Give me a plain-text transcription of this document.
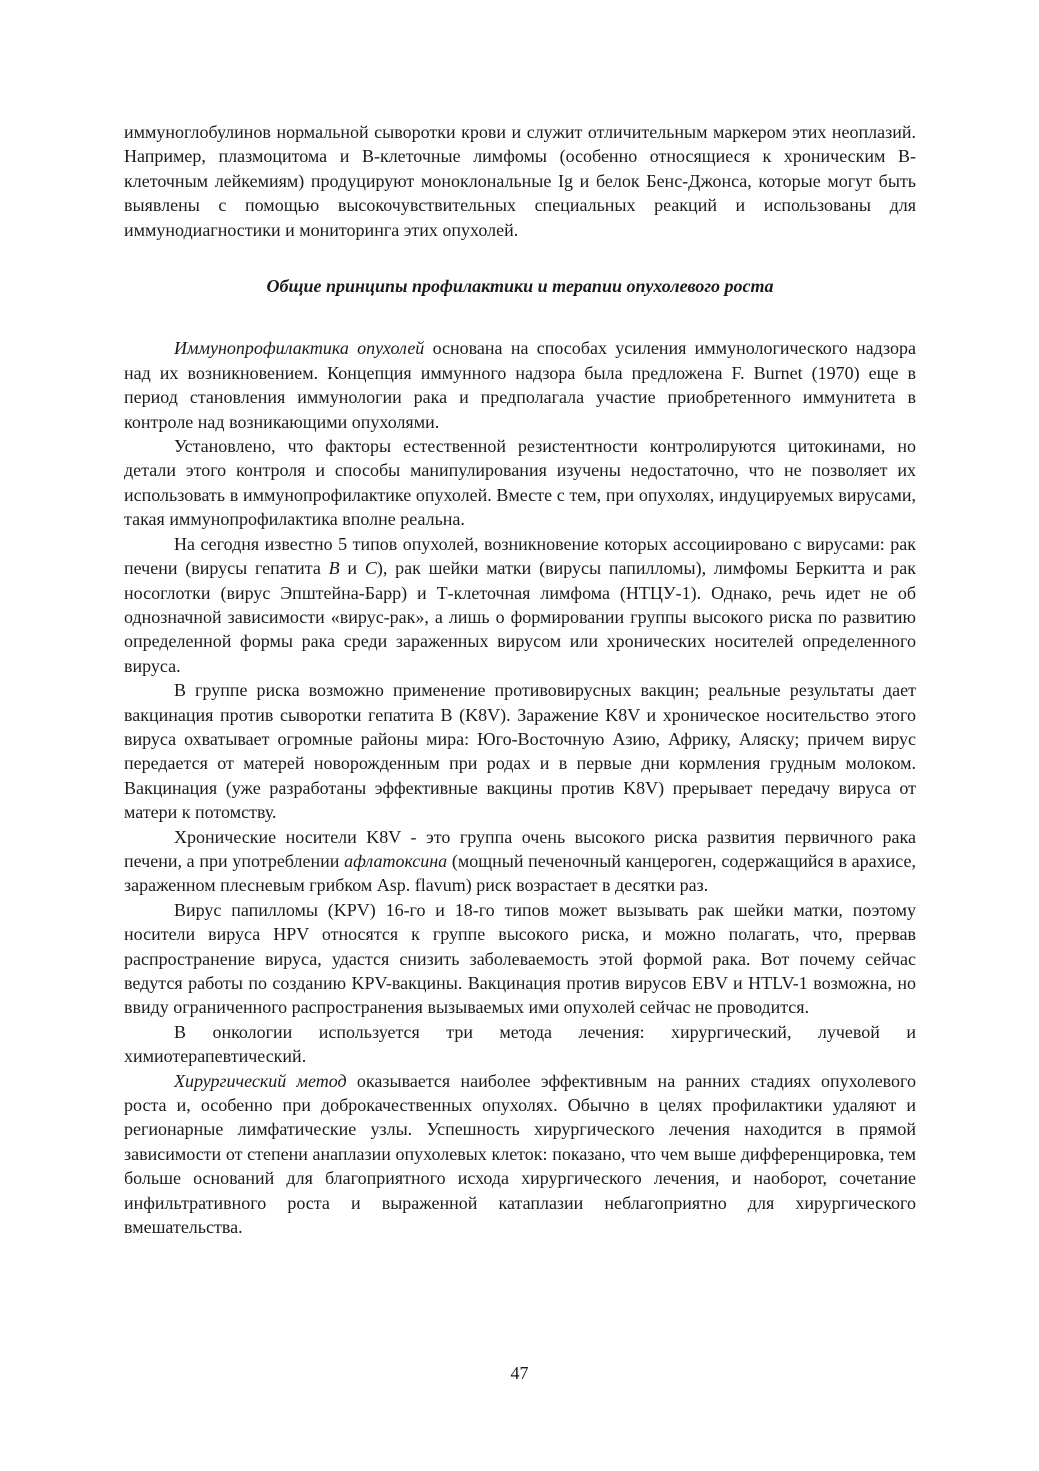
иммуноглобулинов нормальной сыворотки крови и служит отличительным маркером этих неоплазий. Например, плазмоцитома и В-клеточные лимфомы (особенно относящиеся к хроническим В-клеточным лейкемиям) продуцируют моноклональные Ig и белок Бенс-Джонса, которые могут быть выявлены с помощью высокочувствительных специальных реакций и использованы для иммунодиагностики и мониторинга этих опухолей.

Общие принципы профилактики и терапии опухолевого роста

Иммунопрофилактика опухолей основана на способах усиления иммунологического надзора над их возникновением. Концепция иммунного надзора была предложена F. Burnet (1970) еще в период становления иммунологии рака и предполагала участие приобретенного иммунитета в контроле над возникающими опухолями.

Установлено, что факторы естественной резистентности контролируются цитокинами, но детали этого контроля и способы манипулирования изучены недостаточно, что не позволяет их использовать в иммунопрофилактике опухолей. Вместе с тем, при опухолях, индуцируемых вирусами, такая иммунопрофилактика вполне реальна.

На сегодня известно 5 типов опухолей, возникновение которых ассоциировано с вирусами: рак печени (вирусы гепатита В и С), рак шейки матки (вирусы папилломы), лимфомы Беркитта и рак носоглотки (вирус Эпштейна-Барр) и Т-клеточная лимфома (НТЦУ-1). Однако, речь идет не об однозначной зависимости «вирус-рак», а лишь о формировании группы высокого риска по развитию определенной формы рака среди зараженных вирусом или хронических носителей определенного вируса.

В группе риска возможно применение противовирусных вакцин; реальные результаты дает вакцинация против сыворотки гепатита В (K8V). Заражение K8V и хроническое носительство этого вируса охватывает огромные районы мира: Юго-Восточную Азию, Африку, Аляску; причем вирус передается от матерей новорожденным при родах и в первые дни кормления грудным молоком. Вакцинация (уже разработаны эффективные вакцины против K8V) прерывает передачу вируса от матери к потомству.

Хронические носители K8V - это группа очень высокого риска развития первичного рака печени, а при употреблении афлатоксина (мощный печеночный канцероген, содержащийся в арахисе, зараженном плесневым грибком Asp. flavum) риск возрастает в десятки раз.

Вирус папилломы (KPV) 16-го и 18-го типов может вызывать рак шейки матки, поэтому носители вируса HPV относятся к группе высокого риска, и можно полагать, что, прервав распространение вируса, удастся снизить заболеваемость этой формой рака. Вот почему сейчас ведутся работы по созданию KPV-вакцины. Вакцинация против вирусов EBV и HTLV-1 возможна, но ввиду ограниченного распространения вызываемых ими опухолей сейчас не проводится.

В онкологии используется три метода лечения: хирургический, лучевой и химиотерапевтический.

Хирургический метод оказывается наиболее эффективным на ранних стадиях опухолевого роста и, особенно при доброкачественных опухолях. Обычно в целях профилактики удаляют и регионарные лимфатические узлы. Успешность хирургического лечения находится в прямой зависимости от степени анаплазии опухолевых клеток: показано, что чем выше дифференцировка, тем больше оснований для благоприятного исхода хирургического лечения, и наоборот, сочетание инфильтративного роста и выраженной катаплазии неблагоприятно для хирургического вмешательства.

47
